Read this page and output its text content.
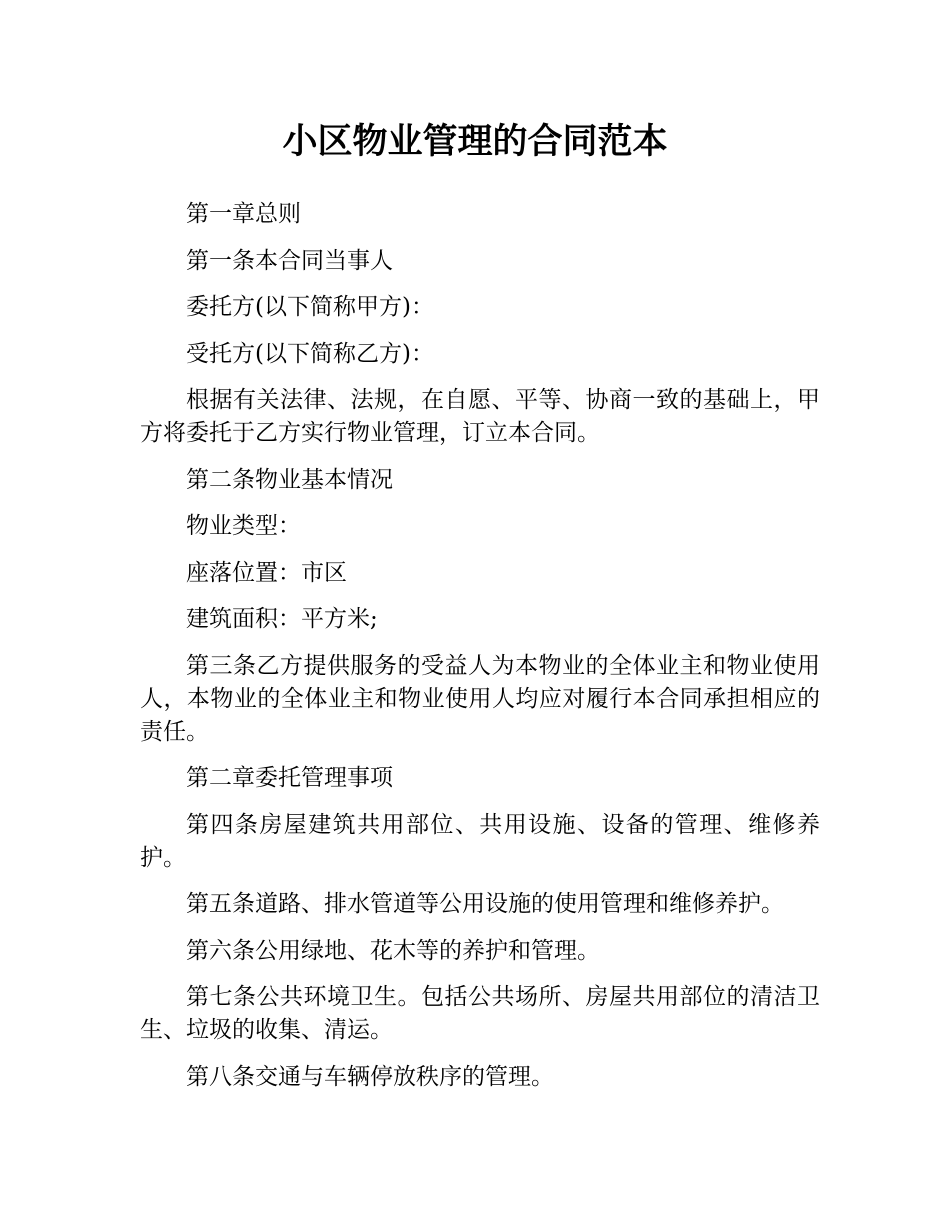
小区物业管理的合同范本

第一章总则

第一条本合同当事人

委托方(以下简称甲方)：

受托方(以下简称乙方)：

根据有关法律、法规，在自愿、平等、协商一致的基础上，甲方将委托于乙方实行物业管理，订立本合同。

第二条物业基本情况

物业类型：

座落位置：市区

建筑面积：平方米;

第三条乙方提供服务的受益人为本物业的全体业主和物业使用人，本物业的全体业主和物业使用人均应对履行本合同承担相应的责任。

第二章委托管理事项

第四条房屋建筑共用部位、共用设施、设备的管理、维修养护。

第五条道路、排水管道等公用设施的使用管理和维修养护。

第六条公用绿地、花木等的养护和管理。

第七条公共环境卫生。包括公共场所、房屋共用部位的清洁卫生、垃圾的收集、清运。

第八条交通与车辆停放秩序的管理。
